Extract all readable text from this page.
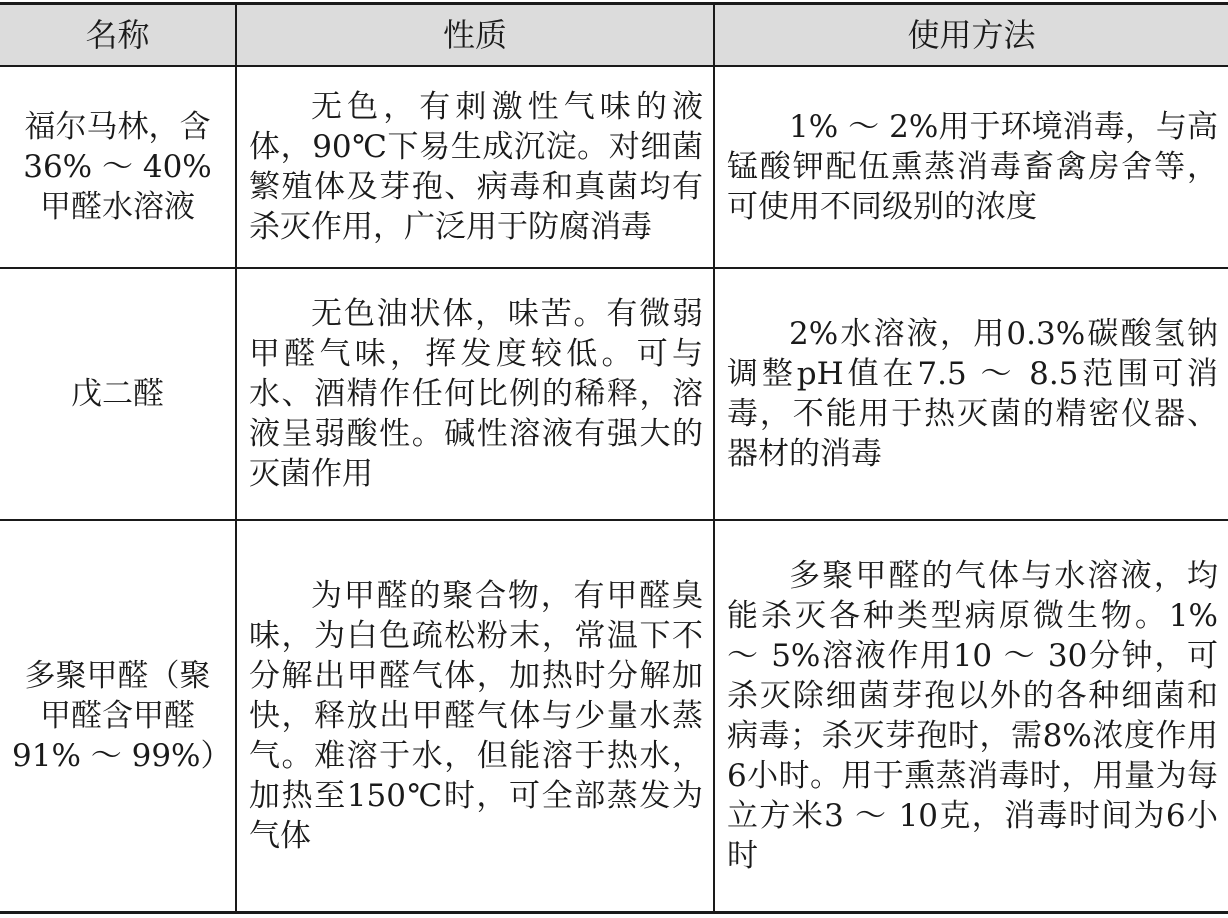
名称	性质	使用方法
福尔马林，含36% ～ 40%甲醛水溶液	无色，有刺激性气味的液体，90℃下易生成沉淀。对细菌繁殖体及芽孢、病毒和真菌均有杀灭作用，广泛用于防腐消毒	1% ～ 2%用于环境消毒，与高锰酸钾配伍熏蒸消毒畜禽房舍等，可使用不同级别的浓度

戊二醛	无色油状体，味苦。有微弱甲醛气味，挥发度较低。可与水、酒精作任何比例的稀释，溶液呈弱酸性。碱性溶液有强大的灭菌作用	2%水溶液，用0.3%碳酸氢钠调整pH值在7.5 ～ 8.5范围可消毒，不能用于热灭菌的精密仪器、器材的消毒

多聚甲醛（聚甲醛含甲醛91% ～ 99%）	为甲醛的聚合物，有甲醛臭味，为白色疏松粉末，常温下不分解出甲醛气体，加热时分解加快，释放出甲醛气体与少量水蒸气。难溶于水，但能溶于热水，加热至150℃时，可全部蒸发为气体	多聚甲醛的气体与水溶液，均能杀灭各种类型病原微生物。1% ～ 5%溶液作用10 ～ 30分钟，可杀灭除细菌芽孢以外的各种细菌和病毒；杀灭芽孢时，需8%浓度作用6小时。用于熏蒸消毒时，用量为每立方米3 ～ 10克，消毒时间为6小时
